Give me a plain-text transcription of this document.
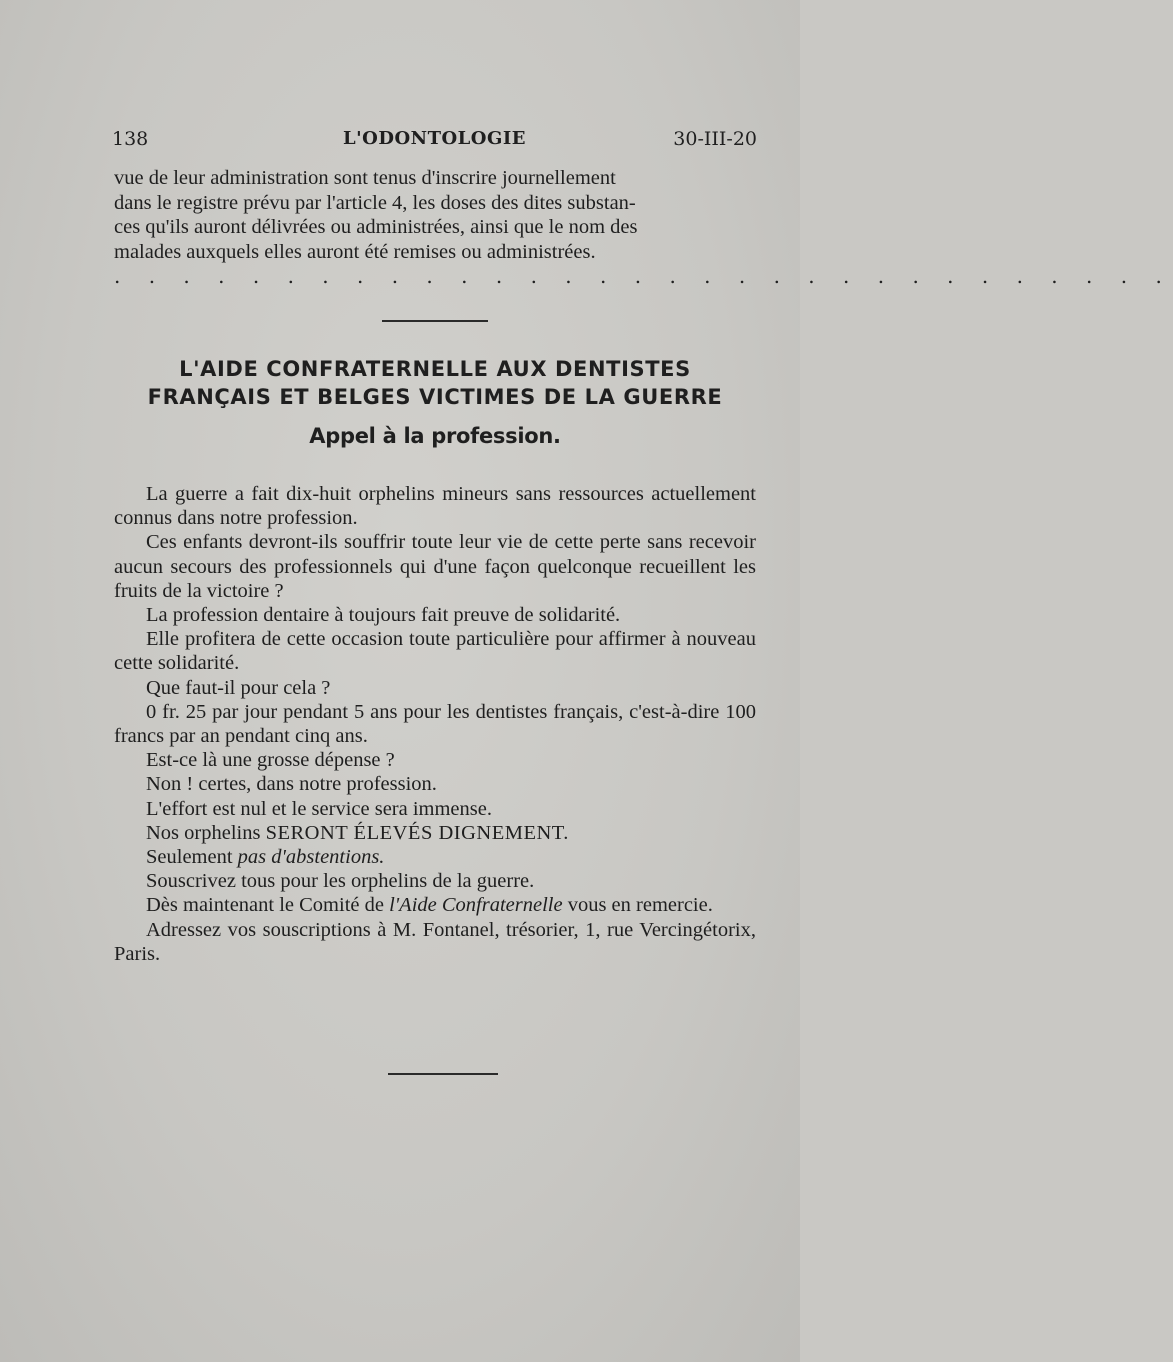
138	L'ODONTOLOGIE	30-III-20
vue de leur administration sont tenus d'inscrire journellement
dans le registre prévu par l'article 4, les doses des dites substan-
ces qu'ils auront délivrées ou administrées, ainsi que le nom des
malades auxquels elles auront été remises ou administrées.
. . . . . . . . . . . . . . . . . . . . . . . . . . . . . . .
L'AIDE CONFRATERNELLE AUX DENTISTES
FRANÇAIS ET BELGES VICTIMES DE LA GUERRE
Appel à la profession.

La guerre a fait dix-huit orphelins mineurs sans ressources actuellement connus dans notre profession.

Ces enfants devront-ils souffrir toute leur vie de cette perte sans recevoir aucun secours des professionnels qui d'une façon quelconque recueillent les fruits de la victoire ?

La profession dentaire à toujours fait preuve de solidarité.

Elle profitera de cette occasion toute particulière pour affirmer à nouveau cette solidarité.

Que faut-il pour cela ?

0 fr. 25 par jour pendant 5 ans pour les dentistes français, c'est-à-dire 100 francs par an pendant cinq ans.

Est-ce là une grosse dépense ?

Non ! certes, dans notre profession.

L'effort est nul et le service sera immense.

Nos orphelins SERONT ÉLEVÉS DIGNEMENT.

Seulement pas d'abstentions.

Souscrivez tous pour les orphelins de la guerre.

Dès maintenant le Comité de l'Aide Confraternelle vous en remercie.

Adressez vos souscriptions à M. Fontanel, trésorier, 1, rue Vercingétorix, Paris.
